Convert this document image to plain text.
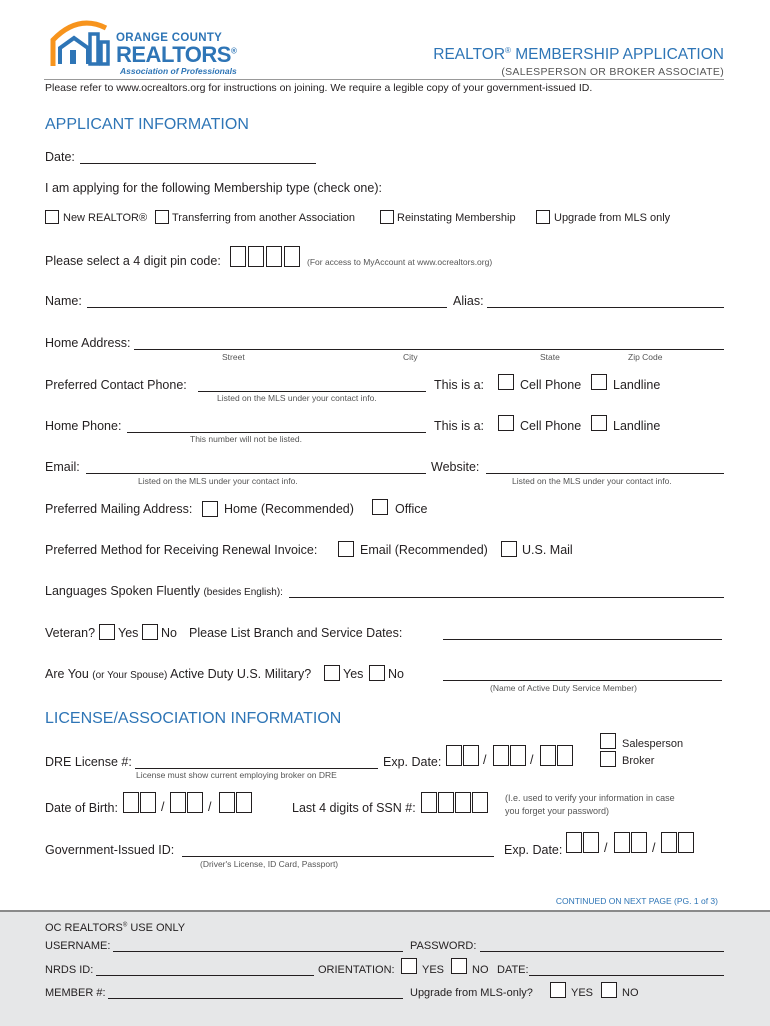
ORANGE COUNTY
REALTORS®
Association of Professionals
REALTOR® MEMBERSHIP APPLICATION
(SALESPERSON OR BROKER ASSOCIATE)
Please refer to www.ocrealtors.org for instructions on joining. We require a legible copy of your government-issued ID.
APPLICANT INFORMATION
Date:
I am applying for the following Membership type (check one):
New REALTOR® Transferring from another Association	Reinstating Membership	Upgrade from MLS only
Please select a 4 digit pin code:	(For access to MyAccount at www.ocrealtors.org)
Name:	Alias:
Home Address:
Street	City	State	Zip Code
Preferred Contact Phone:
Listed on the MLS under your contact info.
This is a:	Cell Phone	Landline
Home Phone:
This number will not be listed.
This is a:	Cell Phone	Landline
Email:
Listed on the MLS under your contact info.
Website:
Listed on the MLS under your contact info.
Preferred Mailing Address:	Home (Recommended)	Office
Preferred Method for Receiving Renewal Invoice:	Email (Recommended)	U.S. Mail
Languages Spoken Fluently (besides English):
Veteran? Yes No Please List Branch and Service Dates:
Are You (or Your Spouse) Active Duty U.S. Military?	Yes No
(Name of Active Duty Service Member)
LICENSE/ASSOCIATION INFORMATION
Salesperson
Broker
DRE License #:
License must show current employing broker on DRE
Exp. Date:	/	/
Date of Birth:	/	/	Last 4 digits of SSN #:
(I.e. used to verify your information in case
you forget your password)
Government-Issued ID:
(Driver's License, ID Card, Passport)
Exp. Date:	/	/
CONTINUED ON NEXT PAGE (PG. 1 of 3)
OC REALTORS® USE ONLY
USERNAME:	PASSWORD:
NRDS ID:	ORIENTATION: YES	NO DATE:
MEMBER #:	Upgrade from MLS-only?	YES	NO
